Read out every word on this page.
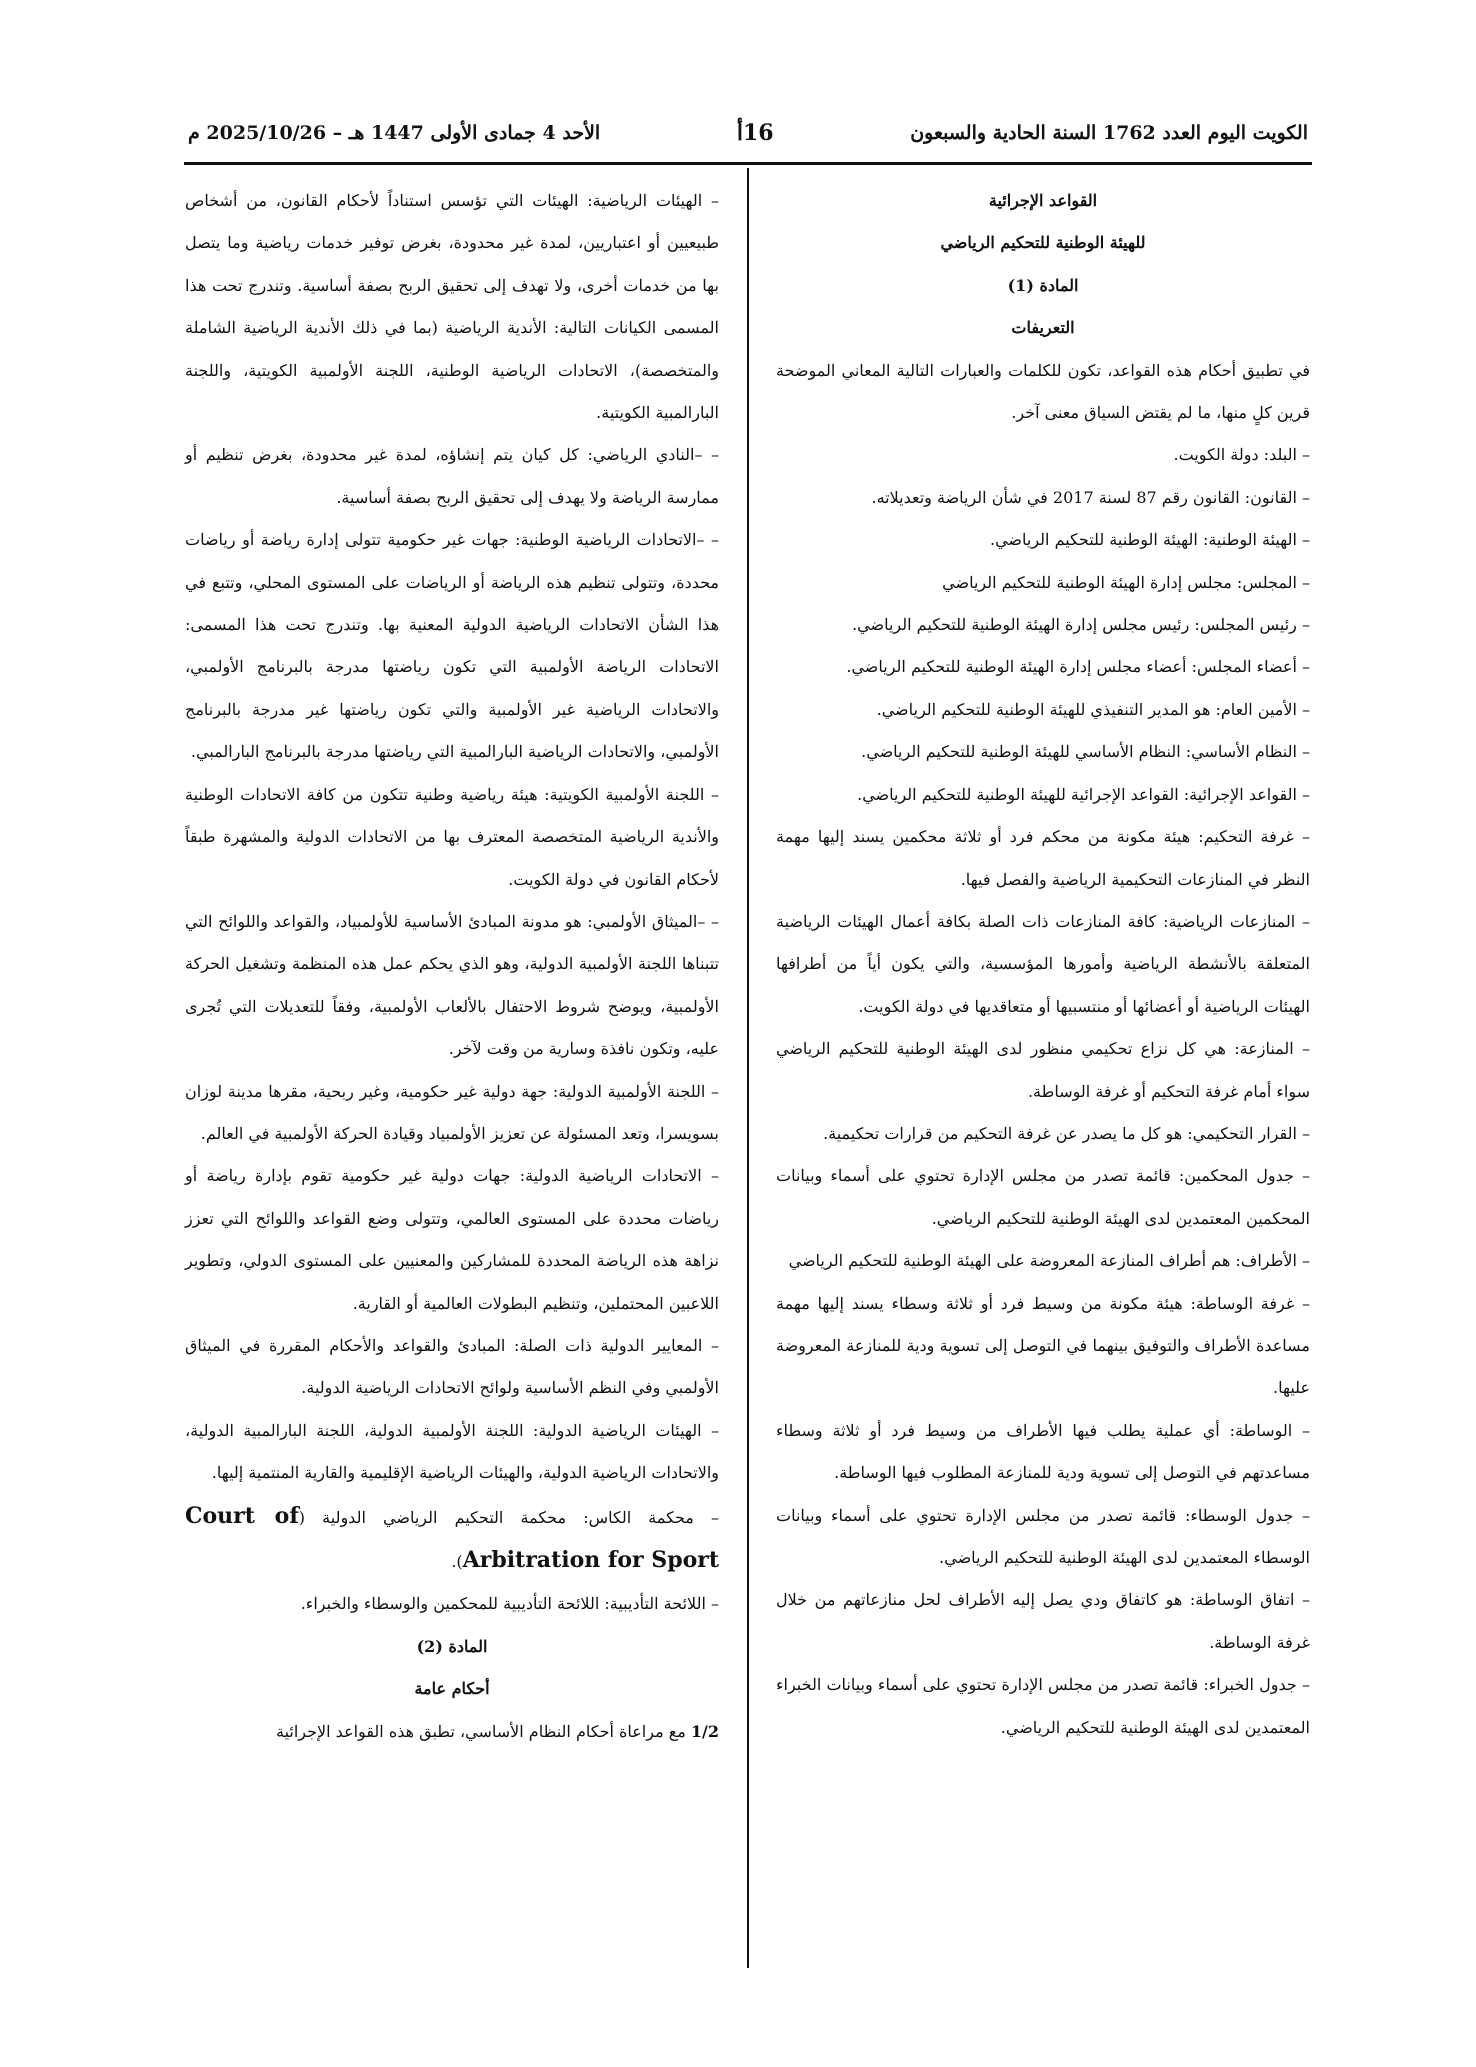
الكويت اليوم العدد 1762 السنة الحادية والسبعون
16أ
الأحد 4 جمادى الأولى 1447 هـ – 2025/10/26 م

القواعد الإجرائية

للهيئة الوطنية للتحكيم الرياضي

المادة (1)

التعريفات

في تطبيق أحكام هذه القواعد، تكون للكلمات والعبارات التالية المعاني الموضحة قرين كلٍ منها، ما لم يقتض السياق معنى آخر.

– البلد: دولة الكويت.

– القانون: القانون رقم 87 لسنة 2017 في شأن الرياضة وتعديلاته.

– الهيئة الوطنية: الهيئة الوطنية للتحكيم الرياضي.

– المجلس: مجلس إدارة الهيئة الوطنية للتحكيم الرياضي

– رئيس المجلس: رئيس مجلس إدارة الهيئة الوطنية للتحكيم الرياضي.

– أعضاء المجلس: أعضاء مجلس إدارة الهيئة الوطنية للتحكيم الرياضي.

– الأمين العام: هو المدير التنفيذي للهيئة الوطنية للتحكيم الرياضي.

– النظام الأساسي: النظام الأساسي للهيئة الوطنية للتحكيم الرياضي.

– القواعد الإجرائية: القواعد الإجرائية للهيئة الوطنية للتحكيم الرياضي.

– غرفة التحكيم: هيئة مكونة من محكم فرد أو ثلاثة محكمين يسند إليها مهمة النظر في المنازعات التحكيمية الرياضية والفصل فيها.

– المنازعات الرياضية: كافة المنازعات ذات الصلة بكافة أعمال الهيئات الرياضية المتعلقة بالأنشطة الرياضية وأمورها المؤسسية، والتي يكون أياً من أطرافها الهيئات الرياضية أو أعضائها أو منتسبيها أو متعاقديها في دولة الكويت.

– المنازعة: هي كل نزاع تحكيمي منظور لدى الهيئة الوطنية للتحكيم الرياضي سواء أمام غرفة التحكيم أو غرفة الوساطة.

– القرار التحكيمي: هو كل ما يصدر عن غرفة التحكيم من قرارات تحكيمية.

– جدول المحكمين: قائمة تصدر من مجلس الإدارة تحتوي على أسماء وبيانات المحكمين المعتمدين لدى الهيئة الوطنية للتحكيم الرياضي.

– الأطراف: هم أطراف المنازعة المعروضة على الهيئة الوطنية للتحكيم الرياضي

– غرفة الوساطة: هيئة مكونة من وسيط فرد أو ثلاثة وسطاء يسند إليها مهمة مساعدة الأطراف والتوفيق بينهما في التوصل إلى تسوية ودية للمنازعة المعروضة عليها.

– الوساطة: أي عملية يطلب فيها الأطراف من وسيط فرد أو ثلاثة وسطاء مساعدتهم في التوصل إلى تسوية ودية للمنازعة المطلوب فيها الوساطة.

– جدول الوسطاء: قائمة تصدر من مجلس الإدارة تحتوي على أسماء وبيانات الوسطاء المعتمدين لدى الهيئة الوطنية للتحكيم الرياضي.

– اتفاق الوساطة: هو كاتفاق ودي يصل إليه الأطراف لحل منازعاتهم من خلال غرفة الوساطة.

– جدول الخبراء: قائمة تصدر من مجلس الإدارة تحتوي على أسماء وبيانات الخبراء المعتمدين لدى الهيئة الوطنية للتحكيم الرياضي.

– الهيئات الرياضية: الهيئات التي تؤسس استناداً لأحكام القانون، من أشخاص طبيعيين أو اعتباريين، لمدة غير محدودة، بغرض توفير خدمات رياضية وما يتصل بها من خدمات أخرى، ولا تهدف إلى تحقيق الربح بصفة أساسية. وتندرج تحت هذا المسمى الكيانات التالية: الأندية الرياضية (بما في ذلك الأندية الرياضية الشاملة والمتخصصة)، الاتحادات الرياضية الوطنية، اللجنة الأولمبية الكويتية، واللجنة البارالمبية الكويتية.

– –النادي الرياضي: كل كيان يتم إنشاؤه، لمدة غير محدودة، بغرض تنظيم أو ممارسة الرياضة ولا يهدف إلى تحقيق الربح بصفة أساسية.

– –الاتحادات الرياضية الوطنية: جهات غير حكومية تتولى إدارة رياضة أو رياضات محددة، وتتولى تنظيم هذه الرياضة أو الرياضات على المستوى المحلي، وتتبع في هذا الشأن الاتحادات الرياضية الدولية المعنية بها. وتندرج تحت هذا المسمى: الاتحادات الرياضة الأولمبية التي تكون رياضتها مدرجة بالبرنامج الأولمبي، والاتحادات الرياضية غير الأولمبية والتي تكون رياضتها غير مدرجة بالبرنامج الأولمبي، والاتحادات الرياضية البارالمبية التي رياضتها مدرجة بالبرنامج البارالمبي.

– اللجنة الأولمبية الكويتية: هيئة رياضية وطنية تتكون من كافة الاتحادات الوطنية والأندية الرياضية المتخصصة المعترف بها من الاتحادات الدولية والمشهرة طبقاً لأحكام القانون في دولة الكويت.

– –الميثاق الأولمبي: هو مدونة المبادئ الأساسية للأولمبياد، والقواعد واللوائح التي تتبناها اللجنة الأولمبية الدولية، وهو الذي يحكم عمل هذه المنظمة وتشغيل الحركة الأولمبية، ويوضح شروط الاحتفال بالألعاب الأولمبية، وفقاً للتعديلات التي تُجرى عليه، وتكون نافذة وسارية من وقت لآخر.

– اللجنة الأولمبية الدولية: جهة دولية غير حكومية، وغير ربحية، مقرها مدينة لوزان بسويسرا، وتعد المسئولة عن تعزيز الأولمبياد وقيادة الحركة الأولمبية في العالم.

– الاتحادات الرياضية الدولية: جهات دولية غير حكومية تقوم بإدارة رياضة أو رياضات محددة على المستوى العالمي، وتتولى وضع القواعد واللوائح التي تعزز نزاهة هذه الرياضة المحددة للمشاركين والمعنيين على المستوى الدولي، وتطوير اللاعبين المحتملين، وتنظيم البطولات العالمية أو القارية.

– المعايير الدولية ذات الصلة: المبادئ والقواعد والأحكام المقررة في الميثاق الأولمبي وفي النظم الأساسية ولوائح الاتحادات الرياضية الدولية.

– الهيئات الرياضية الدولية: اللجنة الأولمبية الدولية، اللجنة البارالمبية الدولية، والاتحادات الرياضية الدولية، والهيئات الرياضية الإقليمية والقارية المنتمية إليها.

– محكمة الكاس: محكمة التحكيم الرياضي الدولية (Court of Arbitration for Sport).

– اللائحة التأديبية: اللائحة التأديبية للمحكمين والوسطاء والخبراء.

المادة (2)

أحكام عامة

1/2 مع مراعاة أحكام النظام الأساسي، تطبق هذه القواعد الإجرائية
